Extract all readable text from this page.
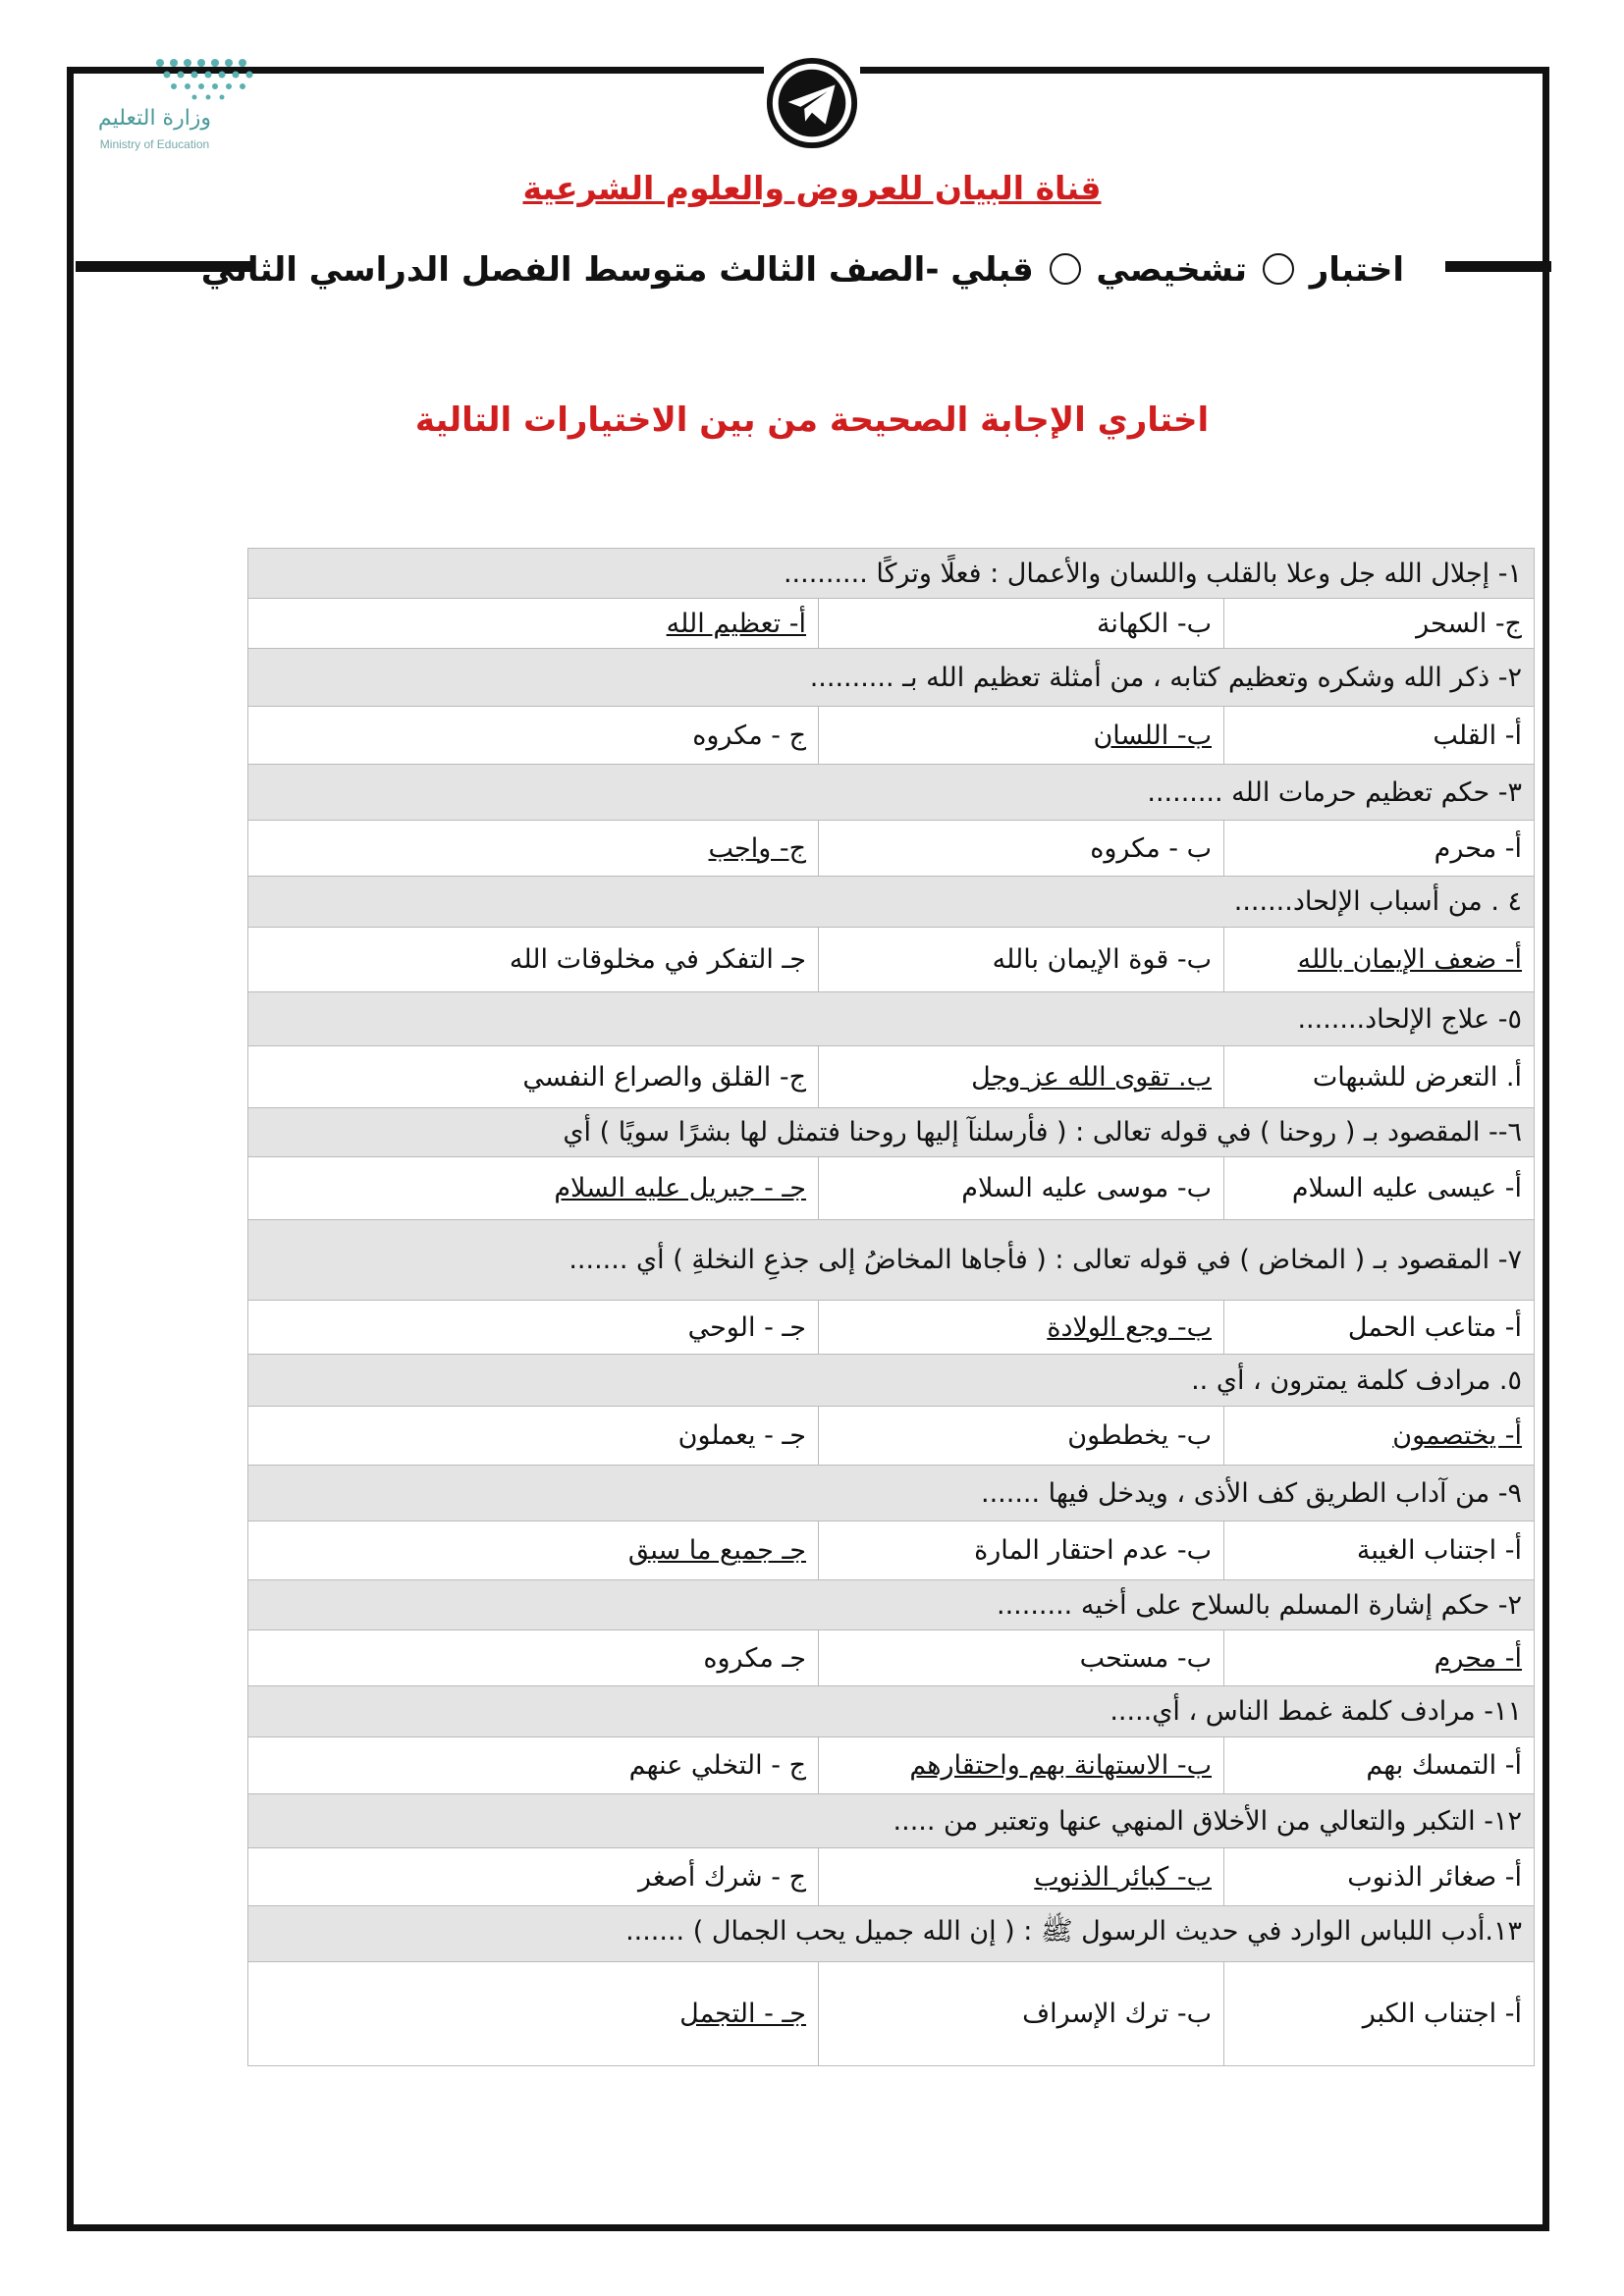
وزارة التعليم
Ministry of Education
قناة البيان للعروض والعلوم الشرعية
اختبار  تشخيصي  قبلي -الصف الثالث متوسط الفصل الدراسي الثاني
اختاري الإجابة الصحيحة من بين الاختيارات التالية
١- إجلال الله جل وعلا بالقلب واللسان والأعمال : فعلًا وتركًا ..........		
ج- السحر	ب- الكهانة	أ- تعظيم الله
٢- ذكر الله وشكره وتعظيم كتابه ، من أمثلة تعظيم الله بـ ..........		
أ- القلب	ب- اللسان	ج - مكروه
٣- حكم تعظيم حرمات الله .........		
أ- محرم	ب - مكروه	ج- واجب
٤ . من أسباب الإلحاد.......		
أ- ضعف الإيمان بالله	ب- قوة الإيمان بالله	جـ التفكر في مخلوقات الله
٥- علاج الإلحاد........		
أ. التعرض للشبهات	ب. تقوى الله عز وجل	ج- القلق والصراع النفسي
٦-- المقصود بـ ( روحنا ) في قوله تعالى : ( فأرسلنآ إليها روحنا فتمثل لها بشرًا سويًا ) أي		
أ- عيسى عليه السلام	ب- موسى عليه السلام	جـ - جبريل عليه السلام
٧- المقصود بـ ( المخاض ) في قوله تعالى : ( فأجاها المخاضُ إلى جذعِ النخلةِ ) أي .......		
أ- متاعب الحمل	ب- وجع الولادة	جـ - الوحي
٥. مرادف كلمة يمترون ، أي ..		
أ- يختصمون	ب- يخططون	جـ - يعملون
٩- من آداب الطريق كف الأذى ، ويدخل فيها .......		
أ- اجتناب الغيبة	ب- عدم احتقار المارة	جـ جميع ما سبق
٢- حكم إشارة المسلم بالسلاح على أخيه .........		
أ- محرم	ب- مستحب	جـ مكروه
١١- مرادف كلمة غمط الناس ، أي.....		
أ- التمسك بهم	ب- الاستهانة بهم واحتقارهم	ج - التخلي عنهم
١٢- التكبر والتعالي من الأخلاق المنهي عنها وتعتبر من .....		
أ- صغائر الذنوب	ب- كبائر الذنوب	ج - شرك أصغر
١٣.أدب اللباس الوارد في حديث الرسول ﷺ : ( إن الله جميل يحب الجمال ) .......		
أ- اجتناب الكبر	ب- ترك الإسراف	جـ - التجمل
